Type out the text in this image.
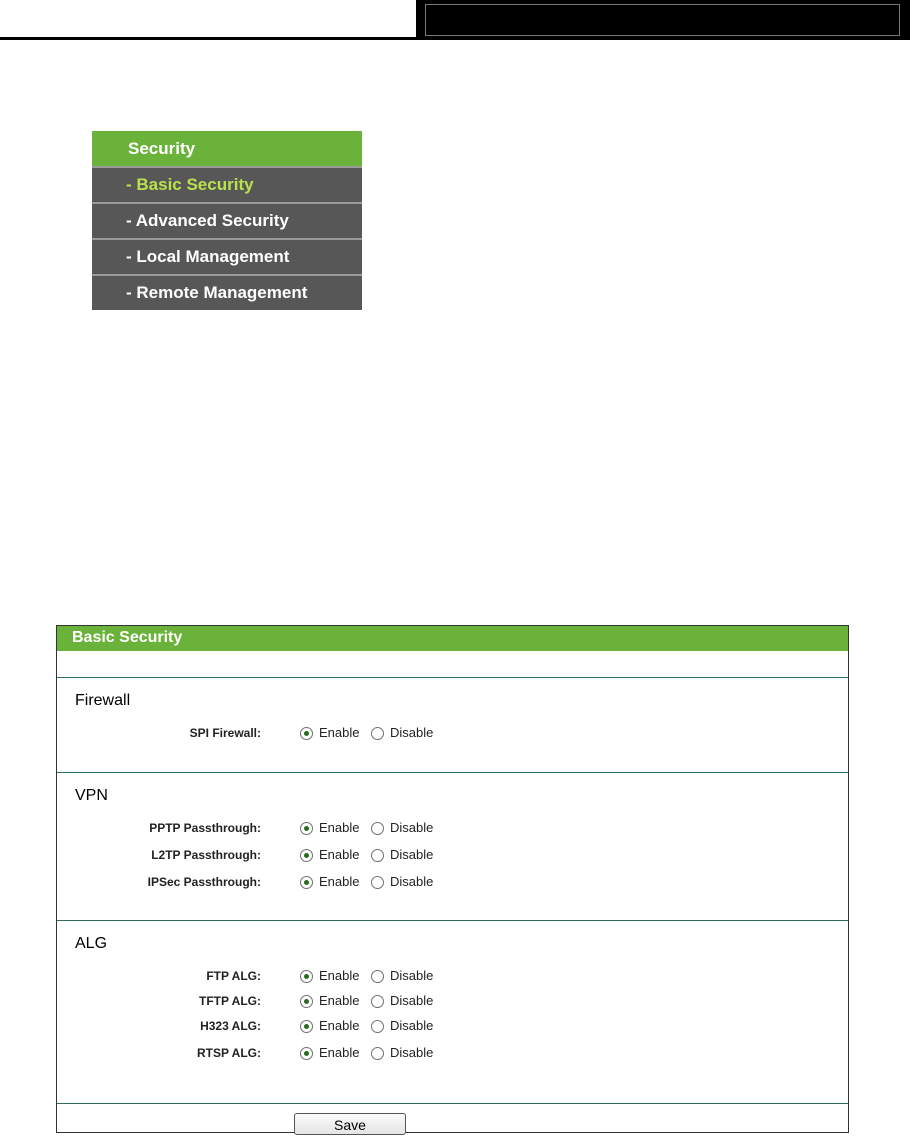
Security
- Basic Security
- Advanced Security
- Local Management
- Remote Management
Basic Security
Firewall
SPI Firewall:	Enable Disable
VPN
PPTP Passthrough:	Enable Disable
L2TP Passthrough:	Enable Disable
IPSec Passthrough:	Enable Disable
ALG
FTP ALG:	Enable Disable
TFTP ALG:	Enable Disable
H323 ALG:	Enable Disable
RTSP ALG:	Enable Disable
Save
